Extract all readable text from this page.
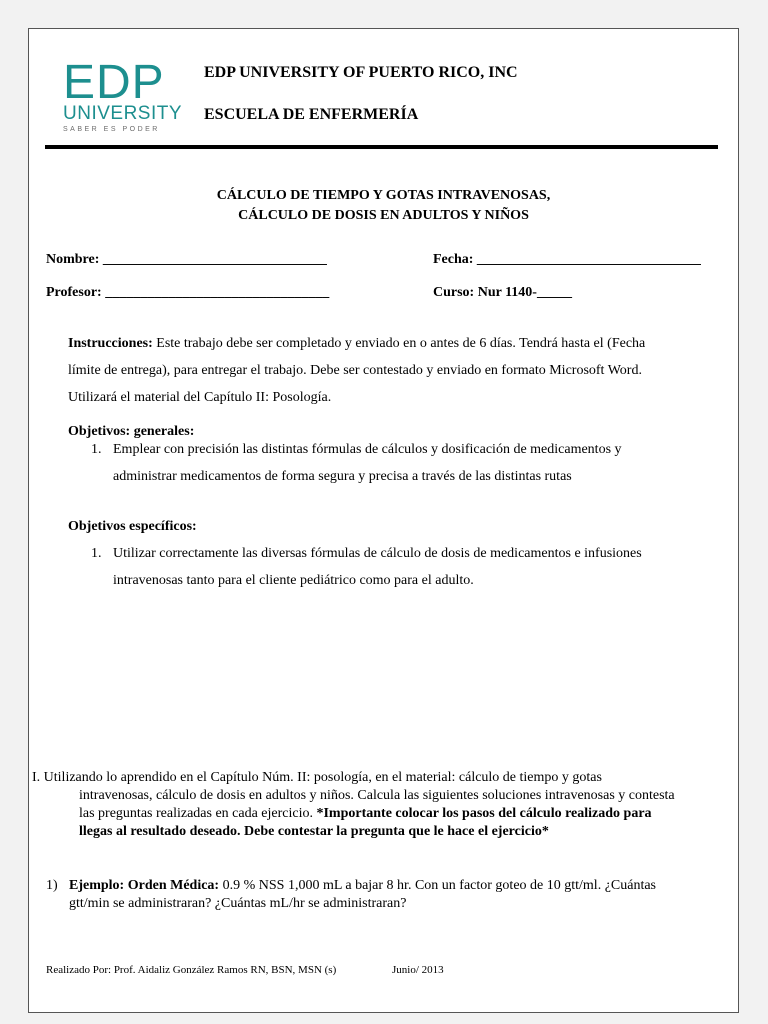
EDP
UNIVERSITY
SABER ES PODER
EDP UNIVERSITY OF PUERTO RICO, INC
ESCUELA DE ENFERMERÍA
CÁLCULO DE TIEMPO Y GOTAS INTRAVENOSAS,
CÁLCULO DE DOSIS EN ADULTOS Y NIÑOS
Nombre: ________________________________	Fecha: ________________________________
Profesor: ________________________________	Curso: Nur 1140-_____
Instrucciones: Este trabajo debe ser completado y enviado en o antes de 6 días. Tendrá hasta el (Fecha
límite de entrega), para entregar el trabajo. Debe ser contestado y enviado en formato Microsoft Word.
Utilizará el material del Capítulo II: Posología.
Objetivos: generales:
1. Emplear con precisión las distintas fórmulas de cálculos y dosificación de medicamentos y
administrar medicamentos de forma segura y precisa a través de las distintas rutas
Objetivos específicos:
1. Utilizar correctamente las diversas fórmulas de cálculo de dosis de medicamentos e infusiones
intravenosas tanto para el cliente pediátrico como para el adulto.
I. Utilizando lo aprendido en el Capítulo Núm. II: posología, en el material: cálculo de tiempo y gotas
intravenosas, cálculo de dosis en adultos y niños. Calcula las siguientes soluciones intravenosas y contesta
las preguntas realizadas en cada ejercicio. *Importante colocar los pasos del cálculo realizado para
llegas al resultado deseado. Debe contestar la pregunta que le hace el ejercicio*
1) Ejemplo: Orden Médica: 0.9 % NSS 1,000 mL a bajar 8 hr. Con un factor goteo de 10 gtt/ml. ¿Cuántas
gtt/min se administraran? ¿Cuántas mL/hr se administraran?
Realizado Por: Prof. Aidaliz González Ramos RN, BSN, MSN (s)	Junio/ 2013
